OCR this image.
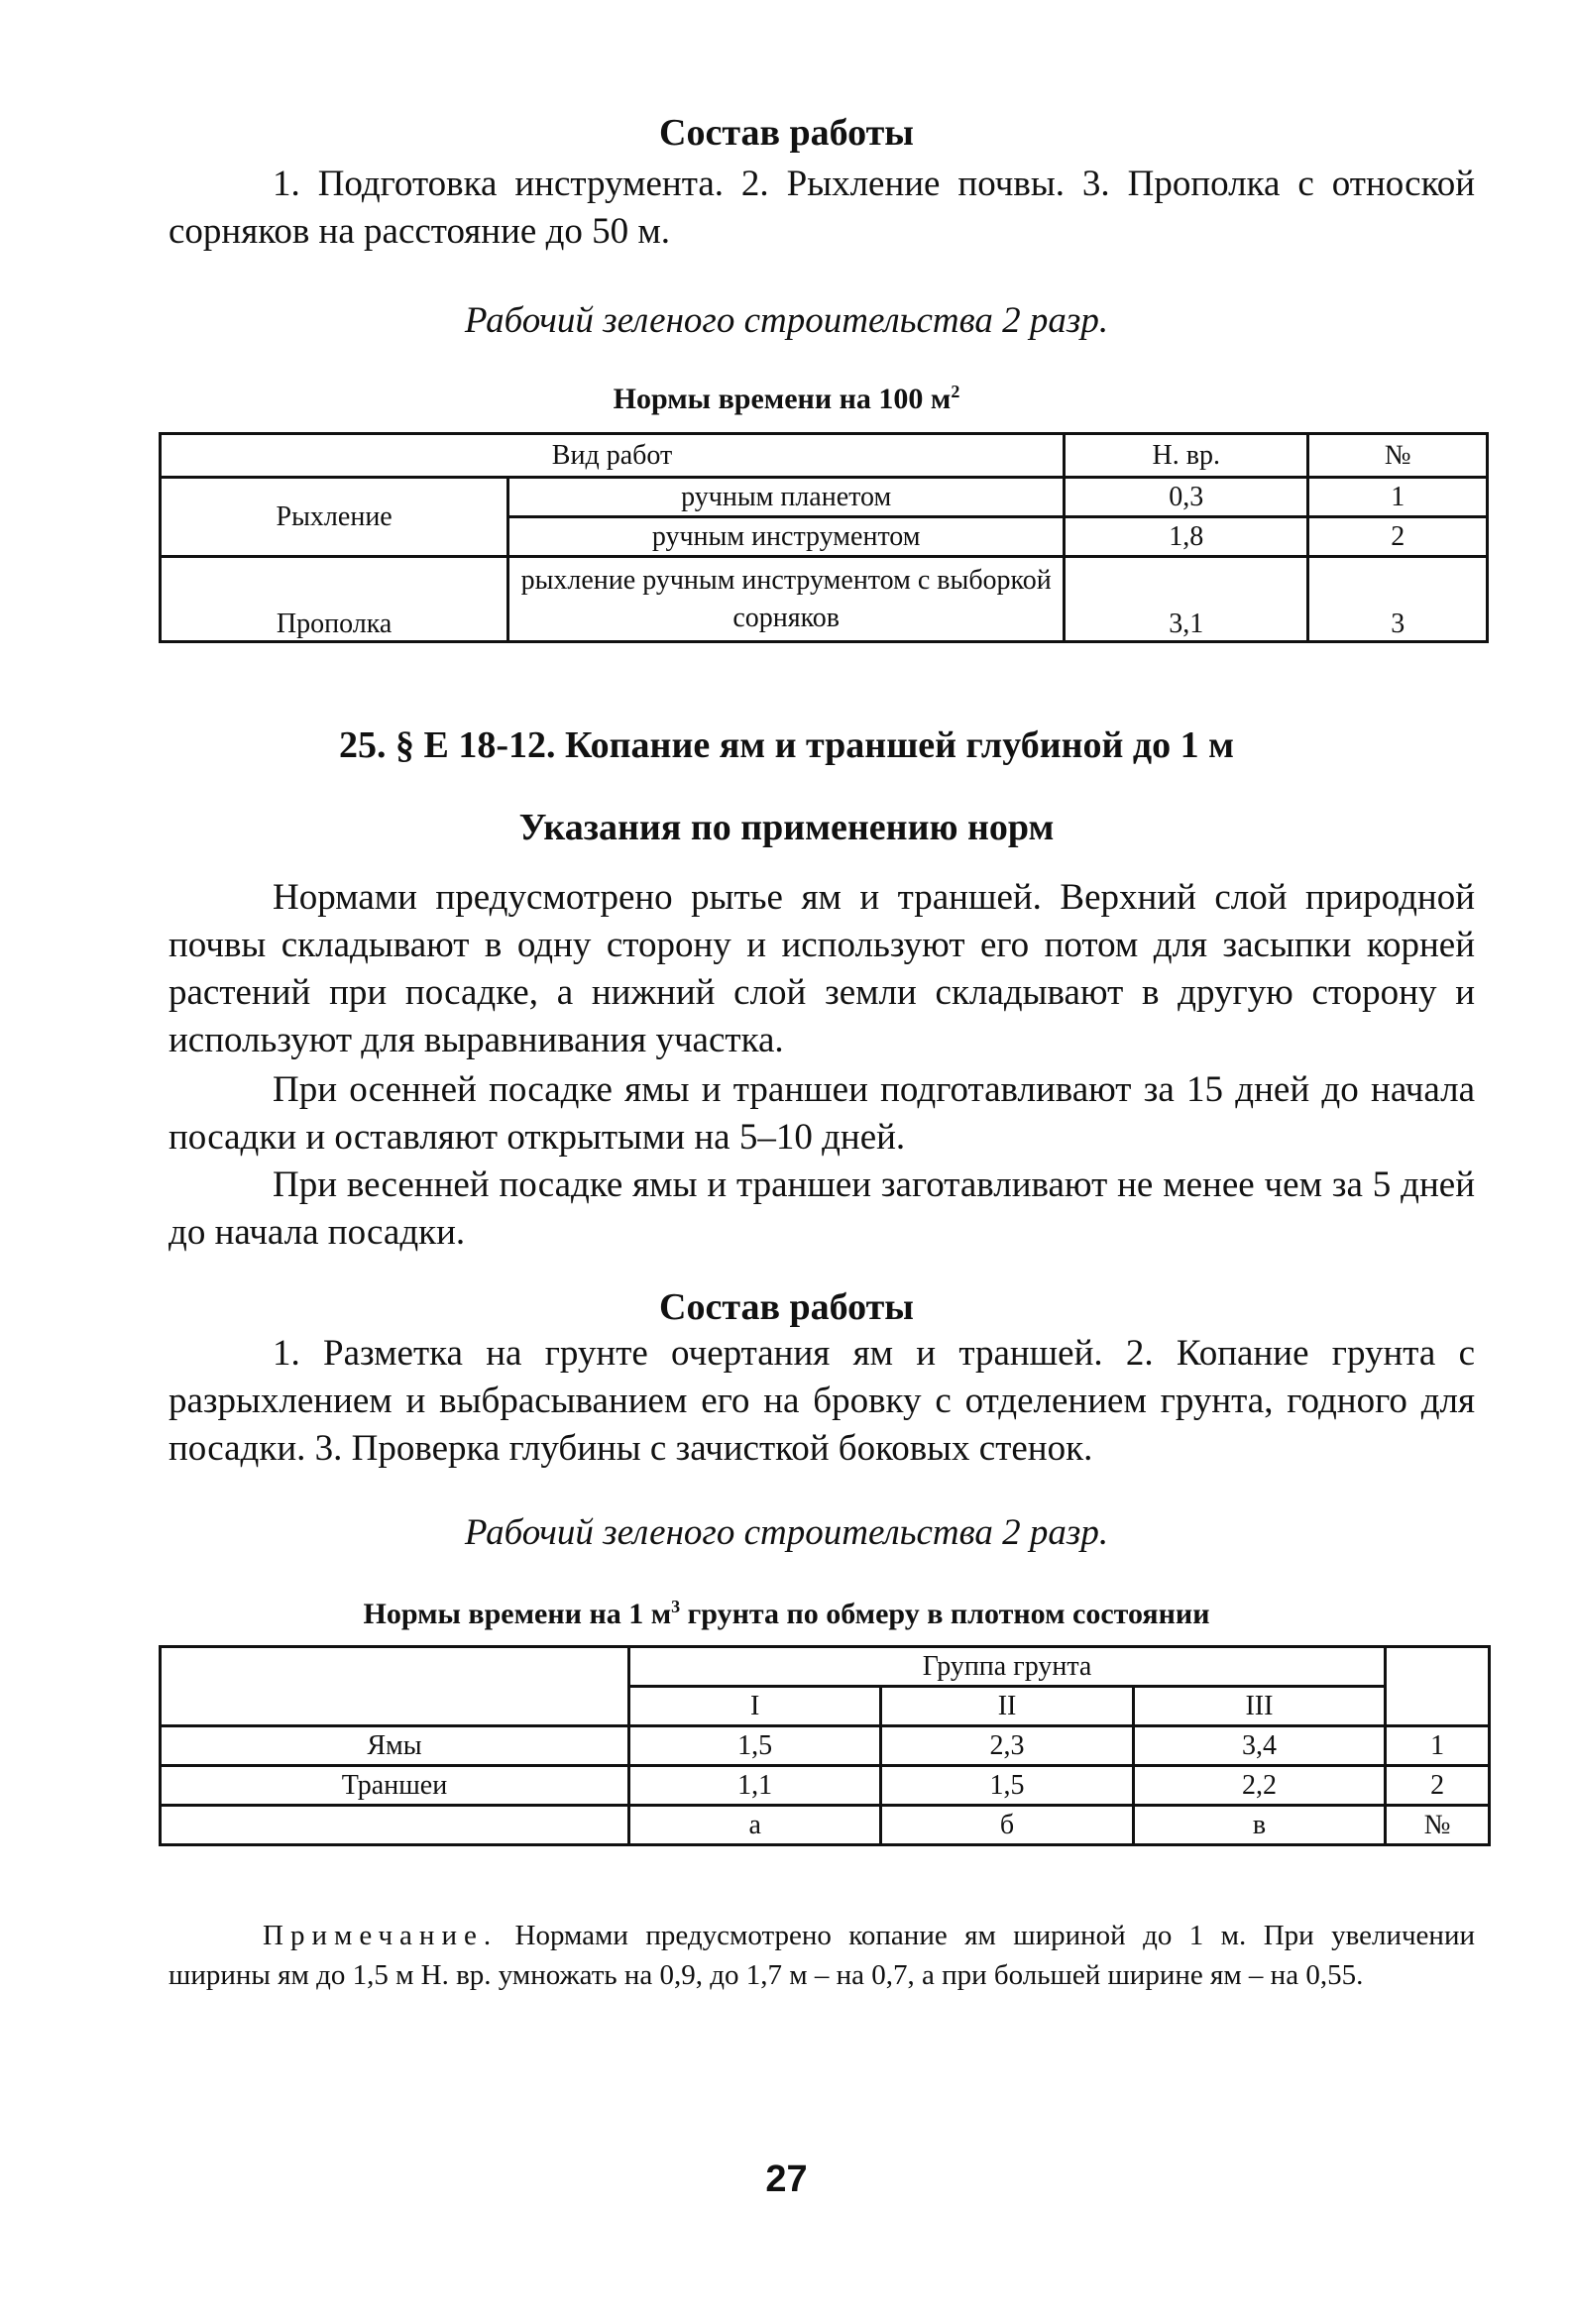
Состав работы
1. Подготовка инструмента. 2. Рыхление почвы. 3. Прополка с отноской сорняков на расстояние до 50 м.
Рабочий зеленого строительства 2 разр.
Нормы времени на 100 $м^2$
Вид работ		Н. вр.	№
Рыхление	ручным планетом	0,3	1
	ручным инструментом	1,8	2
Прополка	рыхление ручным инструментом с выборкой сорняков	3,1	3
25. § Е 18-12. Копание ям и траншей глубиной до 1 м
Указания по применению норм
Нормами предусмотрено рытье ям и траншей. Верхний слой природной почвы складывают в одну сторону и используют его потом для засыпки корней растений при посадке, а нижний слой земли складывают в другую сторону и используют для выравнивания участка.
При осенней посадке ямы и траншеи подготавливают за 15 дней до начала посадки и оставляют открытыми на 5–10 дней.
При весенней посадке ямы и траншеи заготавливают не менее чем за 5 дней до начала посадки.
Состав работы
1. Разметка на грунте очертания ям и траншей. 2. Копание грунта с разрыхлением и выбрасыванием его на бровку с отделением грунта, годного для посадки. 3. Проверка глубины с зачисткой боковых стенок.
Рабочий зеленого строительства 2 разр.
Нормы времени на 1 $м^3$ грунта по обмеру в плотном состоянии
	Группа грунта			
	I	II	III	
Ямы	1,5	2,3	3,4	1
Траншеи	1,1	1,5	2,2	2
	а	б	в	№
Примечание. Нормами предусмотрено копание ям шириной до 1 м. При увеличении ширины ям до 1,5 м Н. вр. умножать на 0,9, до 1,7 м – на 0,7, а при большей ширине ям – на 0,55.
27
